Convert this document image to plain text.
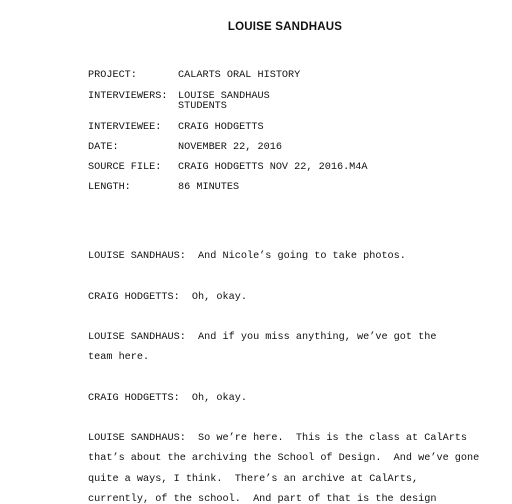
LOUISE SANDHAUS

PROJECT:

	CALARTS ORAL HISTORY

INTERVIEWERS:

LOUISE SANDHAUS

STUDENTS

INTERVIEWEE:

CRAIG HODGETTS

DATE:

	NOVEMBER 22, 2016

SOURCE FILE:

CRAIG HODGETTS NOV 22, 2016.M4A

LENGTH:

	86 MINUTES

LOUISE SANDHAUS:  And Nicole’s going to take photos.
CRAIG HODGETTS:  Oh, okay.
LOUISE SANDHAUS:  And if you miss anything, we’ve got the
team here.
CRAIG HODGETTS:  Oh, okay.
LOUISE SANDHAUS:  So we’re here.  This is the class at CalArts
that’s about the archiving the School of Design.  And we’ve gone
quite a ways, I think.  There’s an archive at CalArts,
currently, of the school.  And part of that is the design
